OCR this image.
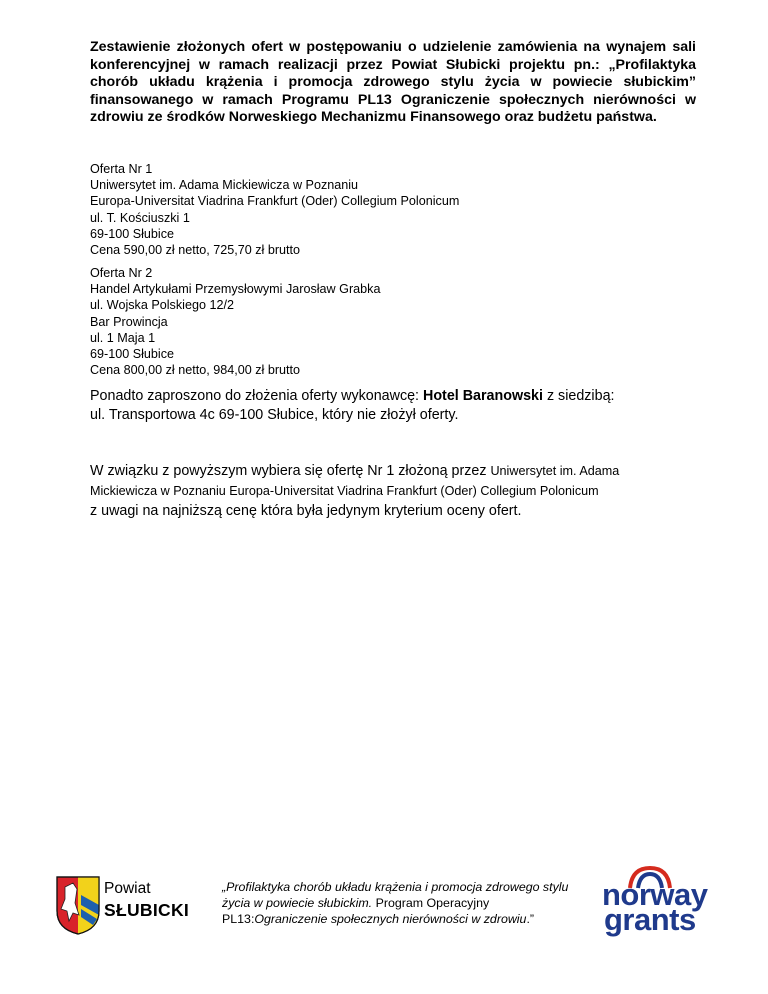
Zestawienie złożonych ofert w postępowaniu o udzielenie zamówienia na wynajem sali konferencyjnej w ramach realizacji przez Powiat Słubicki projektu pn.: „Profilaktyka chorób układu krążenia i promocja zdrowego stylu życia w powiecie słubickim” finansowanego w ramach Programu PL13 Ograniczenie społecznych nierówności w zdrowiu ze środków Norweskiego Mechanizmu Finansowego oraz budżetu państwa.

Oferta Nr 1
Uniwersytet im. Adama Mickiewicza w Poznaniu
Europa-Universitat Viadrina Frankfurt (Oder) Collegium Polonicum
ul. T. Kościuszki 1
69-100 Słubice
Cena 590,00 zł netto, 725,70 zł brutto
Oferta Nr 2
Handel Artykułami Przemysłowymi Jarosław Grabka
ul. Wojska Polskiego 12/2
Bar Prowincja
ul. 1 Maja 1
69-100 Słubice
Cena 800,00 zł netto, 984,00 zł brutto
Ponadto zaproszono do złożenia oferty wykonawcę: Hotel Baranowski z siedzibą:
ul. Transportowa 4c 69-100 Słubice, który nie złożył oferty.

W związku z powyższym wybiera się ofertę Nr 1 złożoną przez Uniwersytet im. Adama

Mickiewicza w Poznaniu Europa-Universitat Viadrina Frankfurt (Oder) Collegium Polonicum

z uwagi na najniższą cenę która była jedynym kryterium oceny ofert.

Powiat
SŁUBICKI
„Profilaktyka chorób układu krążenia i promocja zdrowego stylu życia w powiecie słubickim. Program Operacyjny PL13:Ograniczenie społecznych nierówności w zdrowiu.”
norway
grants
